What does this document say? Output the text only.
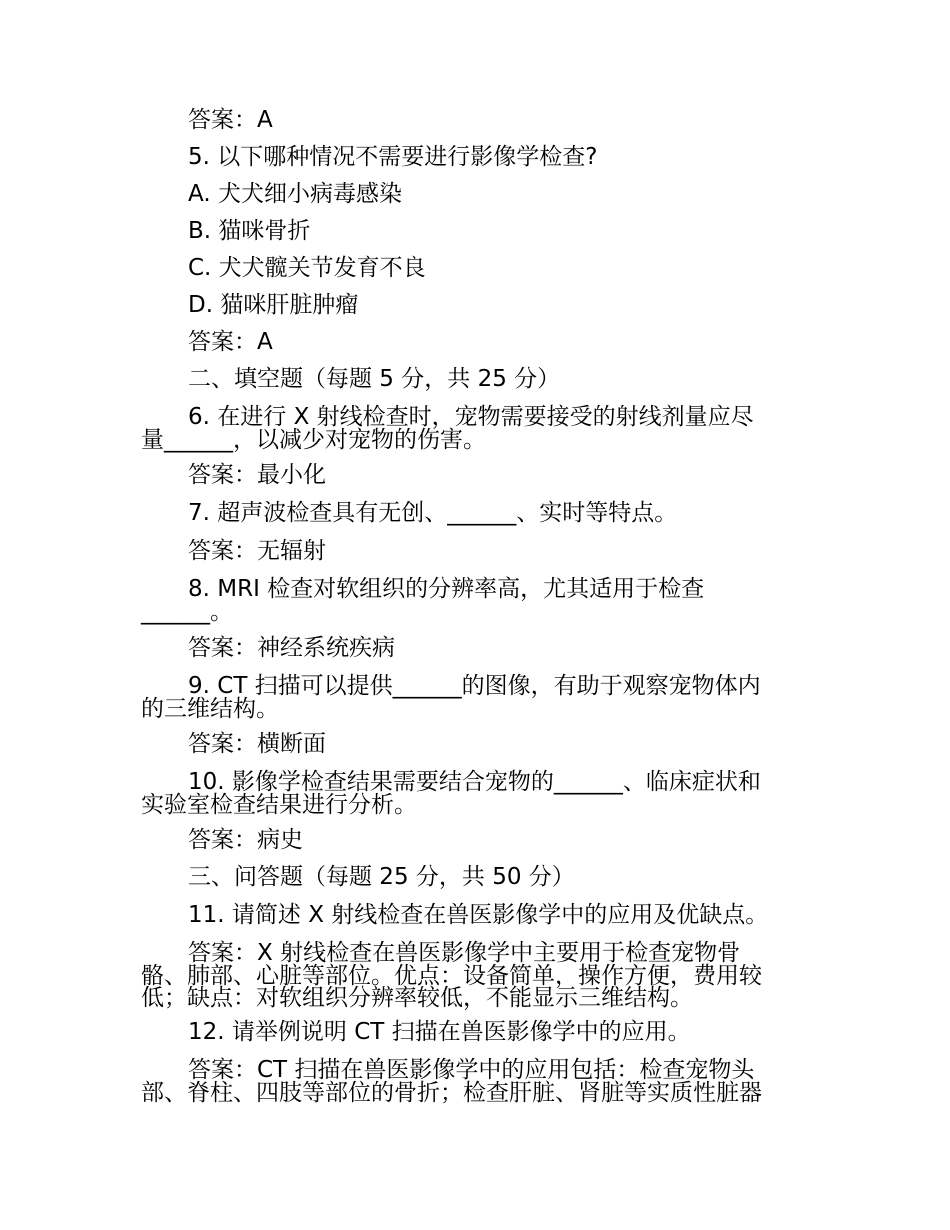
答案：A
5. 以下哪种情况不需要进行影像学检查?
A. 犬犬细小病毒感染
B. 猫咪骨折
C. 犬犬髋关节发育不良
D. 猫咪肝脏肿瘤
答案：A
二、填空题（每题 5 分，共 25 分）
6. 在进行 X 射线检查时，宠物需要接受的射线剂量应尽
量______，以减少对宠物的伤害。
答案：最小化
7. 超声波检查具有无创、______、实时等特点。
答案：无辐射
8. MRI 检查对软组织的分辨率高，尤其适用于检查
______。
答案：神经系统疾病
9. CT 扫描可以提供______的图像，有助于观察宠物体内
的三维结构。
答案：横断面
10. 影像学检查结果需要结合宠物的______、临床症状和
实验室检查结果进行分析。
答案：病史
三、问答题（每题 25 分，共 50 分）
11. 请简述 X 射线检查在兽医影像学中的应用及优缺点。
答案：X 射线检查在兽医影像学中主要用于检查宠物骨
骼、肺部、心脏等部位。优点：设备简单，操作方便，费用较
低；缺点：对软组织分辨率较低，不能显示三维结构。
12. 请举例说明 CT 扫描在兽医影像学中的应用。
答案：CT 扫描在兽医影像学中的应用包括：检查宠物头
部、脊柱、四肢等部位的骨折；检查肝脏、肾脏等实质性脏器
